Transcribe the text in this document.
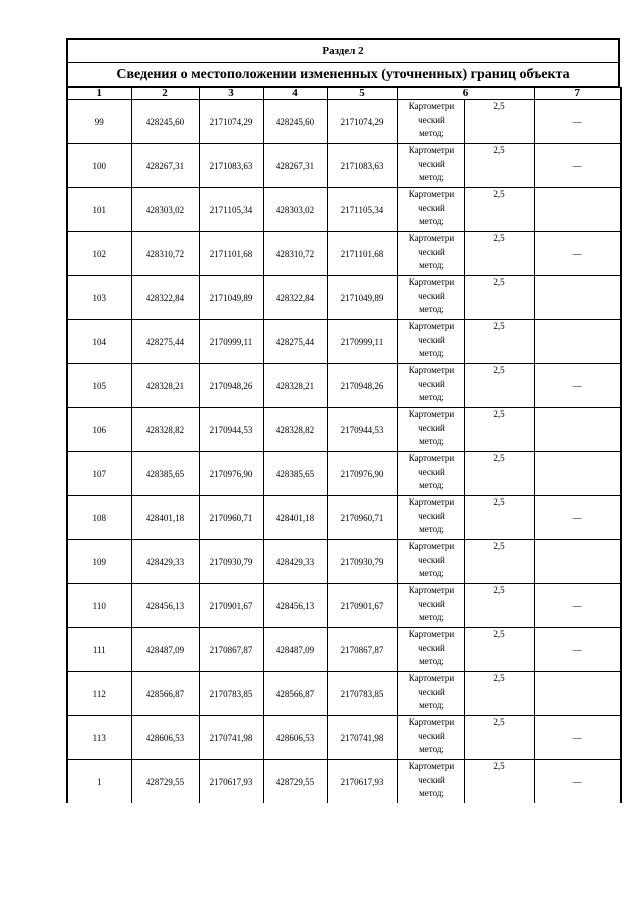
Раздел 2
Сведения о местоположении измененных (уточненных) границ объекта
1	2	3	4	5	6		7
99	428245,60	2171074,29	428245,60	2171074,29	Картометри
ческий
метод;	2,5	—
100	428267,31	2171083,63	428267,31	2171083,63	Картометри
ческий
метод;	2,5	—
101	428303,02	2171105,34	428303,02	2171105,34	Картометри
ческий
метод;	2,5	
102	428310,72	2171101,68	428310,72	2171101,68	Картометри
ческий
метод;	2,5	—
103	428322,84	2171049,89	428322,84	2171049,89	Картометри
ческий
метод;	2,5	
104	428275,44	2170999,11	428275,44	2170999,11	Картометри
ческий
метод;	2,5	
105	428328,21	2170948,26	428328,21	2170948,26	Картометри
ческий
метод;	2,5	—
106	428328,82	2170944,53	428328,82	2170944,53	Картометри
ческий
метод;	2,5	
107	428385,65	2170976,90	428385,65	2170976,90	Картометри
ческий
метод;	2,5	
108	428401,18	2170960,71	428401,18	2170960,71	Картометри
ческий
метод;	2,5	—
109	428429,33	2170930,79	428429,33	2170930,79	Картометри
ческий
метод;	2,5	
110	428456,13	2170901,67	428456,13	2170901,67	Картометри
ческий
метод;	2,5	—
111	428487,09	2170867,87	428487,09	2170867,87	Картометри
ческий
метод;	2,5	—
112	428566,87	2170783,85	428566,87	2170783,85	Картометри
ческий
метод;	2,5	
113	428606,53	2170741,98	428606,53	2170741,98	Картометри
ческий
метод;	2,5	—
1	428729,55	2170617,93	428729,55	2170617,93	Картометри
ческий
метод;	2,5	—
